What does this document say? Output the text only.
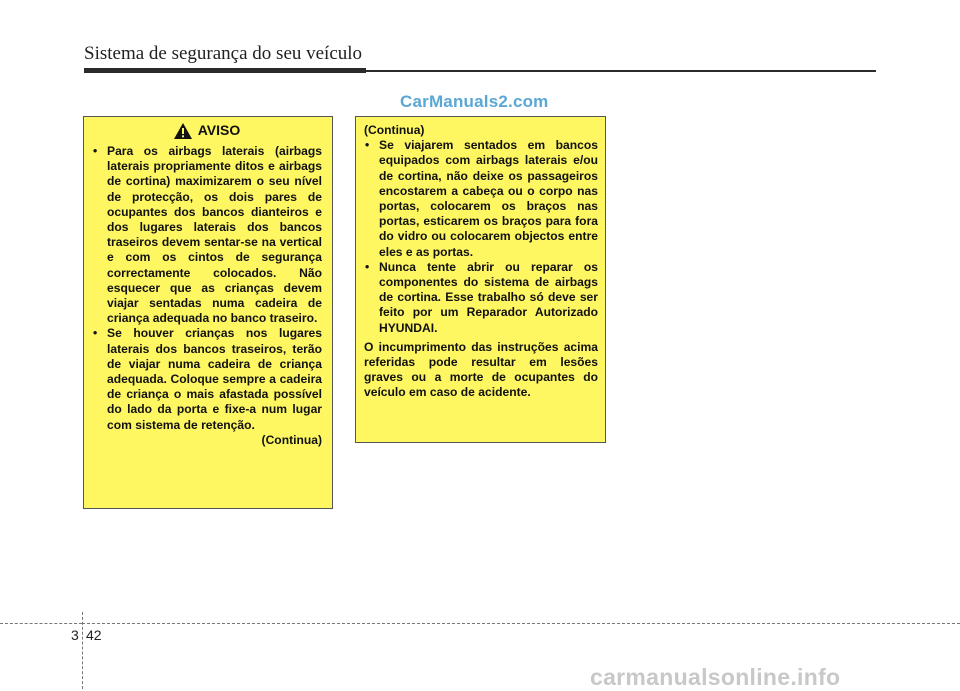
Sistema de segurança do seu veículo
CarManuals2.com
AVISO
• Para os airbags laterais (airbags laterais propriamente ditos e airbags de cortina) maximizarem o seu nível de protecção, os dois pares de ocupantes dos bancos dianteiros e dos lugares laterais dos bancos traseiros devem sentar-se na vertical e com os cintos de segurança correctamente colocados. Não esquecer que as crianças devem viajar sentadas numa cadeira de criança adequada no banco traseiro.
• Se houver crianças nos lugares laterais dos bancos traseiros, terão de viajar numa cadeira de criança adequada. Coloque sempre a cadeira de criança o mais afastada possível do lado da porta e fixe-a num lugar com sistema de retenção.
(Continua)
(Continua)
• Se viajarem sentados em bancos equipados com airbags laterais e/ou de cortina, não deixe os passageiros encostarem a cabeça ou o corpo nas portas, colocarem os braços nas portas, esticarem os braços para fora do vidro ou colocarem objectos entre eles e as portas.
• Nunca tente abrir ou reparar os componentes do sistema de airbags de cortina. Esse trabalho só deve ser feito por um Reparador Autorizado HYUNDAI.
O incumprimento das instruções acima referidas pode resultar em lesões graves ou a morte de ocupantes do veículo em caso de acidente.
3 42
carmanualsonline.info
